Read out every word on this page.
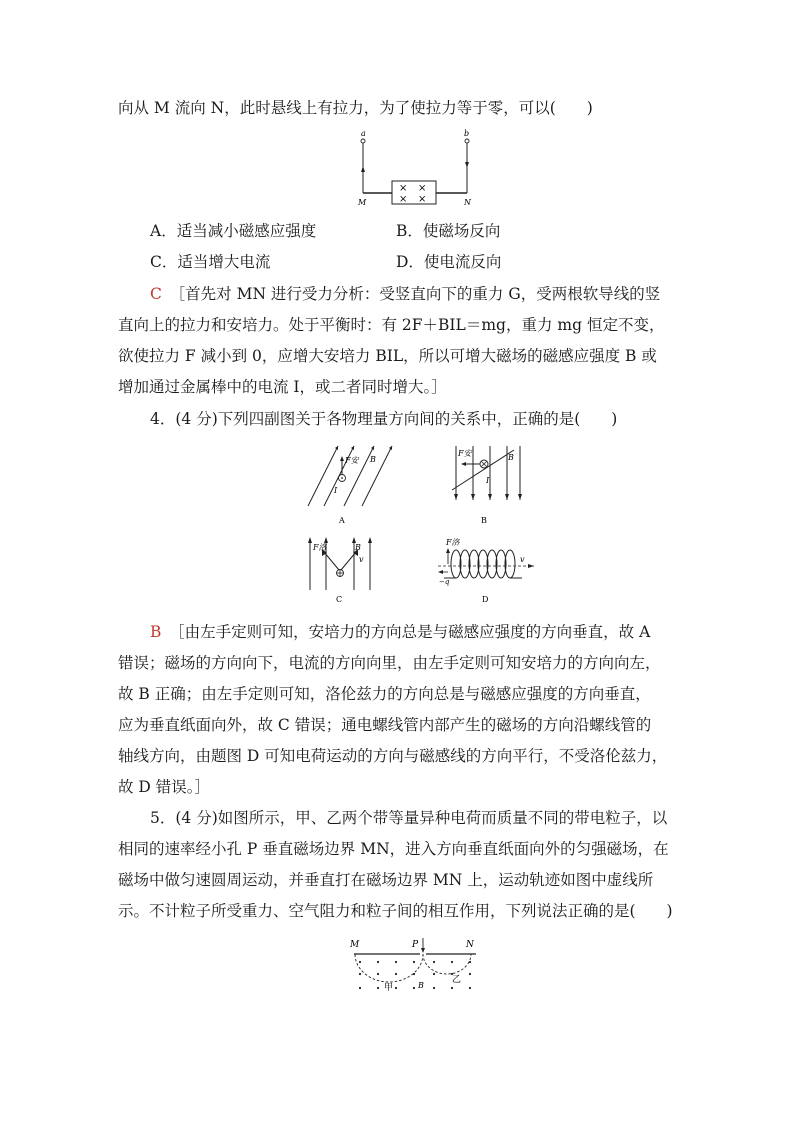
向从 M 流向 N，此时悬线上有拉力，为了使拉力等于零，可以(　　)
a	b
× ×
× ×
M	N
A．适当减小磁感应强度	B．使磁场反向
C．适当增大电流	D．使电流反向
C　 ［首先对 MN 进行受力分析：受竖直向下的重力 G，受两根软导线的竖
直向上的拉力和安培力。处于平衡时：有 2F＋BIL＝mg，重力 mg 恒定不变，
欲使拉力 F 减小到 0，应增大安培力 BIL，所以可增大磁场的磁感应强度 B 或
增加通过金属棒中的电流 I，或二者同时增大。］
4．(4 分)下列四副图关于各物理量方向间的关系中，正确的是(　　)
F安 B
I
A
F安	B
I
B
F洛	B
v
C
F洛
−q
v
D
B　 ［由左手定则可知，安培力的方向总是与磁感应强度的方向垂直，故 A
错误；磁场的方向向下，电流的方向向里，由左手定则可知安培力的方向向左，
故 B 正确；由左手定则可知，洛伦兹力的方向总是与磁感应强度的方向垂直，
应为垂直纸面向外，故 C 错误；通电螺线管内部产生的磁场的方向沿螺线管的
轴线方向，由题图 D 可知电荷运动的方向与磁感线的方向平行，不受洛伦兹力，
故 D 错误。］
5．(4 分)如图所示，甲、乙两个带等量异种电荷而质量不同的带电粒子，以
相同的速率经小孔 P 垂直磁场边界 MN，进入方向垂直纸面向外的匀强磁场，在
磁场中做匀速圆周运动，并垂直打在磁场边界 MN 上，运动轨迹如图中虚线所
示。不计粒子所受重力、空气阻力和粒子间的相互作用，下列说法正确的是(　　)
M	P	N
甲
乙
B
